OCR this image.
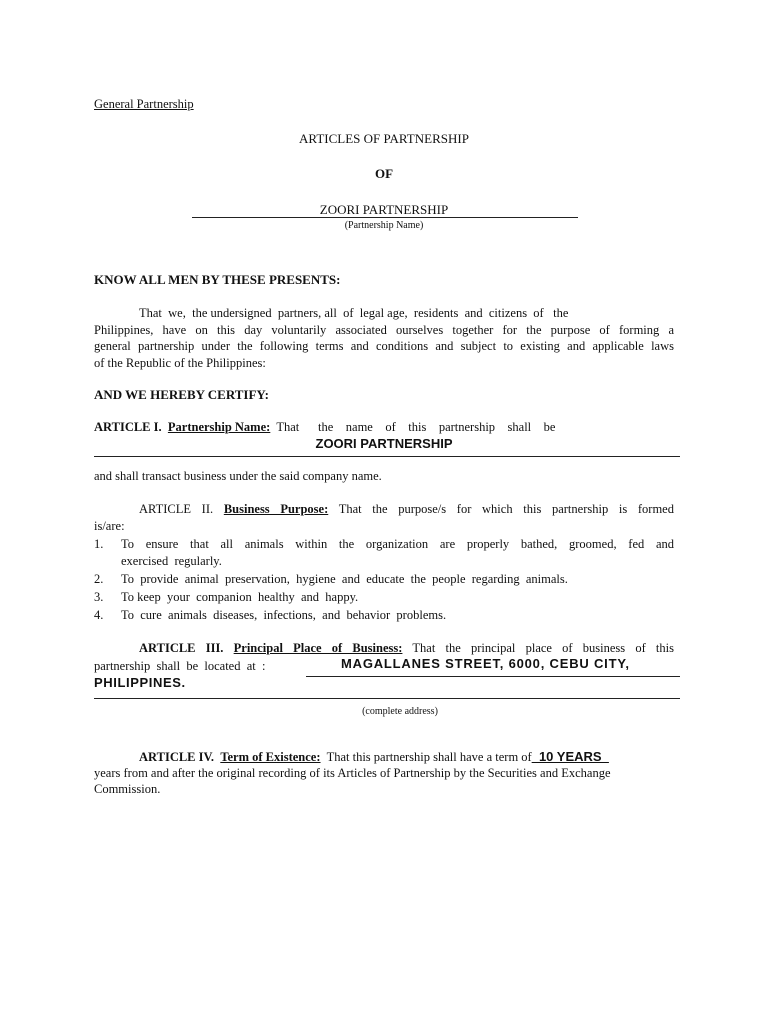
General Partnership
ARTICLES OF PARTNERSHIP
OF
ZOORI PARTNERSHIP
(Partnership Name)
KNOW ALL MEN BY THESE PRESENTS:
That  we,  the undersigned  partners, all  of  legal age,  residents  and  citizens  of   the
Philippines, have on this day voluntarily associated ourselves together for the purpose of forming a
general partnership under the following terms and conditions and subject to existing and applicable laws
of the Republic of the Philippines:
AND WE HEREBY CERTIFY:
ARTICLE I. Partnership Name: That      the    name    of    this    partnership    shall    be
ZOORI PARTNERSHIP
and shall transact business under the said company name.
ARTICLE II. Business Purpose: That the purpose/s for which this partnership is formed
is/are:
1.	To ensure that all animals within the organization are properly bathed, groomed, fed and
exercised  regularly.
2.	To  provide  animal  preservation,  hygiene  and  educate  the  people  regarding  animals.
3.	To keep  your  companion  healthy  and  happy.
4.	To  cure  animals  diseases,  infections,  and  behavior  problems.
ARTICLE III. Principal Place of Business: That the principal place of business of this
partnership  shall  be  located  at  :	MAGALLANES STREET, 6000, CEBU CITY,
PHILIPPINES.
(complete address)
ARTICLE IV. Term of Existence: That this partnership shall have a term of_10 YEARS_
years from and after the original recording of its Articles of Partnership by the Securities and Exchange
Commission.
